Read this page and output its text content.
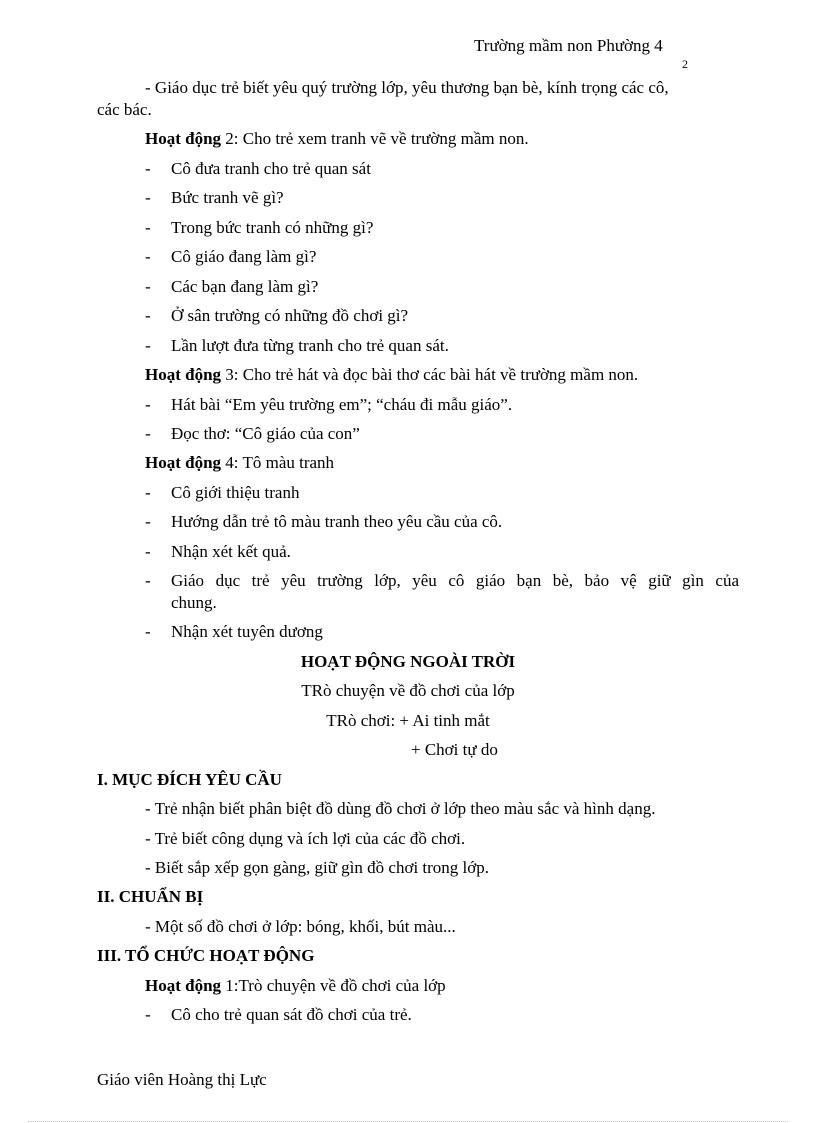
Trường mầm non Phường 4
2
- Giáo dục trẻ biết yêu quý trường lớp, yêu thương bạn bè, kính trọng các cô,
các bác.
Hoạt động 2: Cho trẻ xem tranh vẽ về trường mầm non.
- Cô đưa tranh cho trẻ quan sát
- Bức tranh vẽ gì?
- Trong bức tranh có những gì?
- Cô giáo đang làm gì?
- Các bạn đang làm gì?
- Ở sân trường có những đồ chơi gì?
- Lần lượt đưa từng tranh cho trẻ quan sát.
Hoạt động 3: Cho trẻ hát và đọc bài thơ các bài hát về trường mầm non.
- Hát bài “Em yêu trường em”; “cháu đi mẫu giáo”.
- Đọc thơ: “Cô giáo của con”
Hoạt động 4: Tô màu tranh
- Cô giới thiệu tranh
- Hướng dẫn trẻ tô màu tranh theo yêu cầu của cô.
- Nhận xét kết quả.
- Giáo dục trẻ yêu trường lớp, yêu cô giáo bạn bè, bảo vệ giữ gìn của
chung.
- Nhận xét tuyên dương
HOẠT ĐỘNG NGOÀI TRỜI
TRò chuyện về đồ chơi của lớp
TRò chơi: + Ai tinh mắt
+ Chơi tự do
I. MỤC ĐÍCH YÊU CẦU
- Trẻ nhận biết phân biệt đồ dùng đồ chơi ở lớp theo màu sắc và hình dạng.
- Trẻ biết công dụng và ích lợi của các đồ chơi.
- Biết sắp xếp gọn gàng, giữ gìn đồ chơi trong lớp.
II. CHUẨN BỊ
- Một số đồ chơi ở lớp: bóng, khối, bút màu...
III. TỔ CHỨC HOẠT ĐỘNG
Hoạt động 1:Trò chuyện về đồ chơi của lớp
- Cô cho trẻ quan sát đồ chơi của trẻ.
Giáo viên Hoàng thị Lực
